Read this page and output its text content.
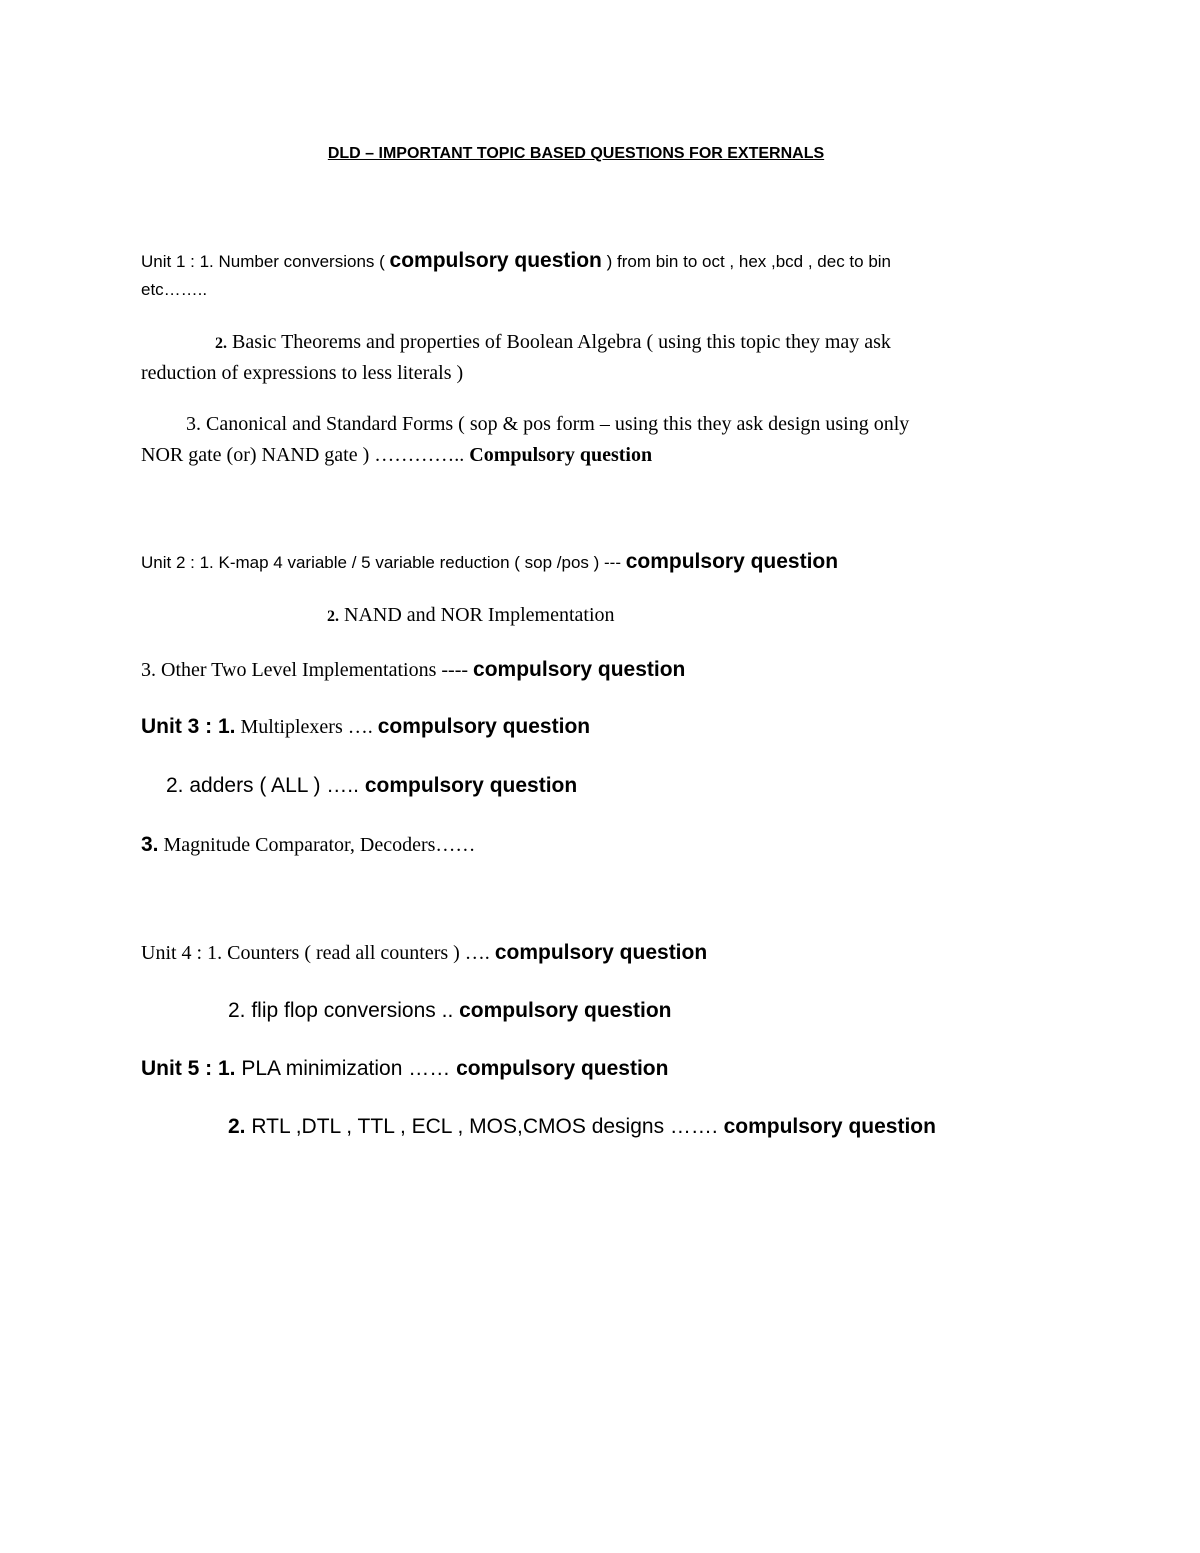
DLD – IMPORTANT TOPIC BASED QUESTIONS FOR EXTERNALS
Unit 1 : 1. Number conversions ( compulsory question ) from bin to oct , hex ,bcd , dec to bin
etc……..
2. Basic Theorems and properties of Boolean Algebra ( using this topic they may ask
reduction of expressions to less literals )
3. Canonical and Standard Forms ( sop & pos form – using this they ask design using only
NOR gate (or) NAND gate ) ………….. Compulsory question
Unit 2 : 1. K-map 4 variable / 5 variable reduction ( sop /pos ) --- compulsory question
2. NAND and NOR Implementation
3. Other Two Level Implementations ---- compulsory question
Unit 3 : 1. Multiplexers …. compulsory question
2. adders ( ALL ) ….. compulsory question
3. Magnitude Comparator, Decoders……
Unit 4 : 1. Counters ( read all counters ) …. compulsory question
2. flip flop conversions .. compulsory question
Unit 5 : 1. PLA minimization …… compulsory question
2. RTL ,DTL , TTL , ECL , MOS,CMOS designs ……. compulsory question
